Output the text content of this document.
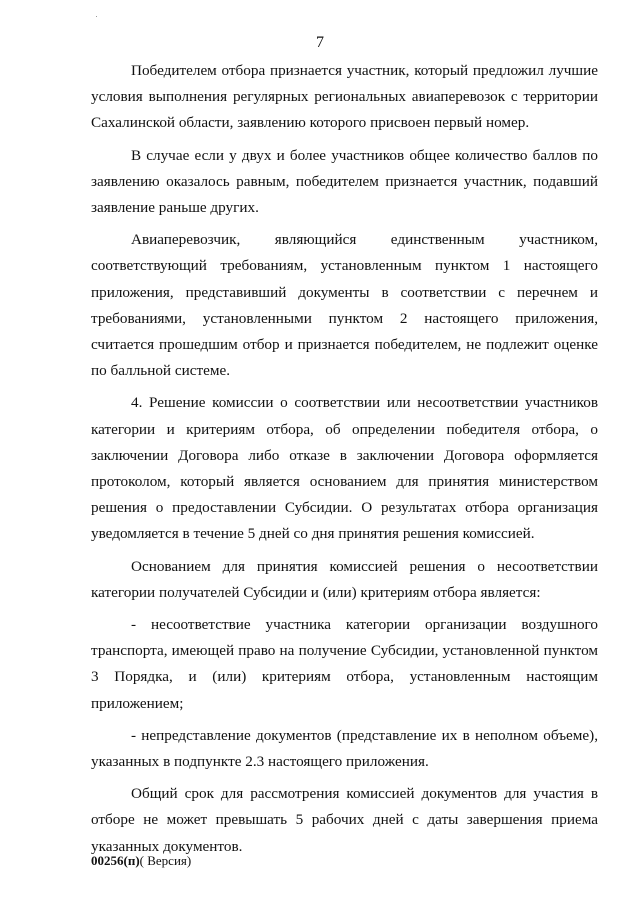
7

Победителем отбора признается участник, который предложил лучшие условия выполнения регулярных региональных авиаперевозок с территории Сахалинской области, заявлению которого присвоен первый номер.

В случае если у двух и более участников общее количество баллов по заявлению оказалось равным, победителем признается участник, подавший заявление раньше других.

Авиаперевозчик, являющийся единственным участником, соответствующий требованиям, установленным пунктом 1 настоящего приложения, представивший документы в соответствии с перечнем и требованиями, установленными пунктом 2 настоящего приложения, считается прошедшим отбор и признается победителем, не подлежит оценке по балльной системе.

4. Решение комиссии о соответствии или несоответствии участников категории и критериям отбора, об определении победителя отбора, о заключении Договора либо отказе в заключении Договора оформляется протоколом, который является основанием для принятия министерством решения о предоставлении Субсидии. О результатах отбора организация уведомляется в течение 5 дней со дня принятия решения комиссией.

Основанием для принятия комиссией решения о несоответствии категории получателей Субсидии и (или) критериям отбора является:

- несоответствие участника категории организации воздушного транспорта, имеющей право на получение Субсидии, установленной пунктом 3 Порядка, и (или) критериям отбора, установленным настоящим приложением;

- непредставление документов (представление их в неполном объеме), указанных в подпункте 2.3 настоящего приложения.

Общий срок для рассмотрения комиссией документов для участия в отборе не может превышать 5 рабочих дней с даты завершения приема указанных документов.

00256(п)( Версия)
